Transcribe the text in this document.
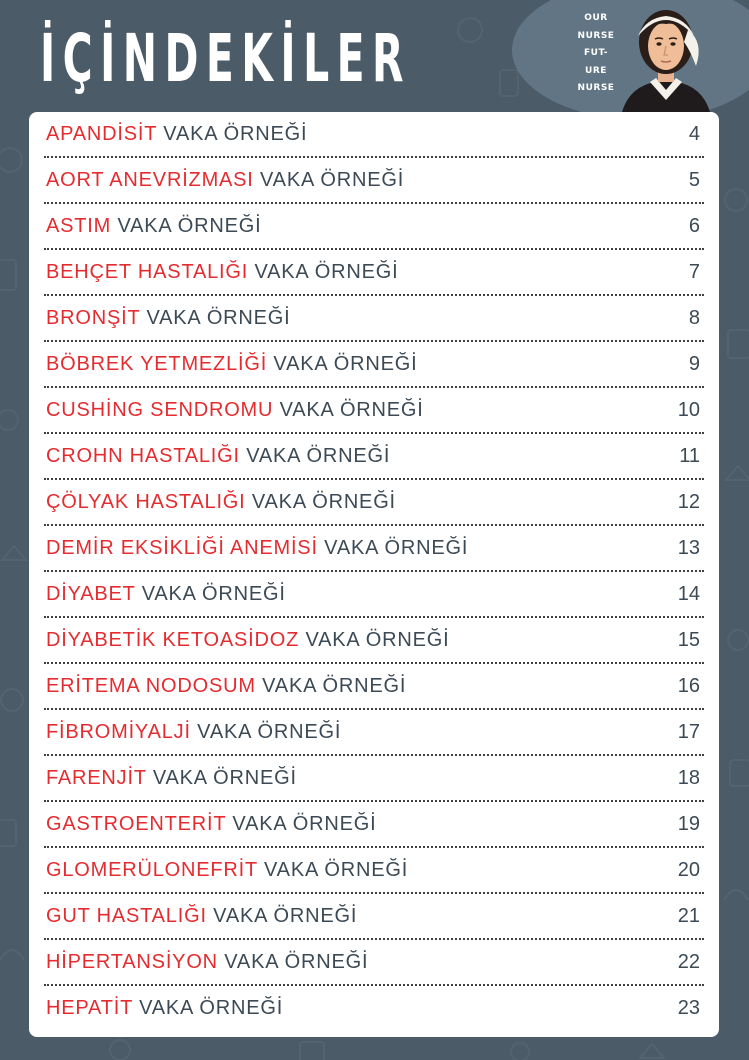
İÇİNDEKİLER
OUR
NURSE
FUT-
URE
NURSE
APANDİSİT VAKA ÖRNEĞİ	4
AORT ANEVRİZMASI VAKA ÖRNEĞİ	5
ASTIM VAKA ÖRNEĞİ	6
BEHÇET HASTALIĞI VAKA ÖRNEĞİ	7
BRONŞİT VAKA ÖRNEĞİ	8
BÖBREK YETMEZLİĞİ VAKA ÖRNEĞİ	9
CUSHİNG SENDROMU VAKA ÖRNEĞİ	10
CROHN HASTALIĞI VAKA ÖRNEĞİ	11
ÇÖLYAK HASTALIĞI VAKA ÖRNEĞİ	12
DEMİR EKSİKLİĞİ ANEMİSİ VAKA ÖRNEĞİ	13
DİYABET VAKA ÖRNEĞİ	14
DİYABETİK KETOASİDOZ VAKA ÖRNEĞİ	15
ERİTEMA NODOSUM VAKA ÖRNEĞİ	16
FİBROMİYALJİ VAKA ÖRNEĞİ	17
FARENJİT VAKA ÖRNEĞİ	18
GASTROENTERİT VAKA ÖRNEĞİ	19
GLOMERÜLONEFRİT VAKA ÖRNEĞİ	20
GUT HASTALIĞI VAKA ÖRNEĞİ	21
HİPERTANSİYON VAKA ÖRNEĞİ	22
HEPATİT VAKA ÖRNEĞİ	23
